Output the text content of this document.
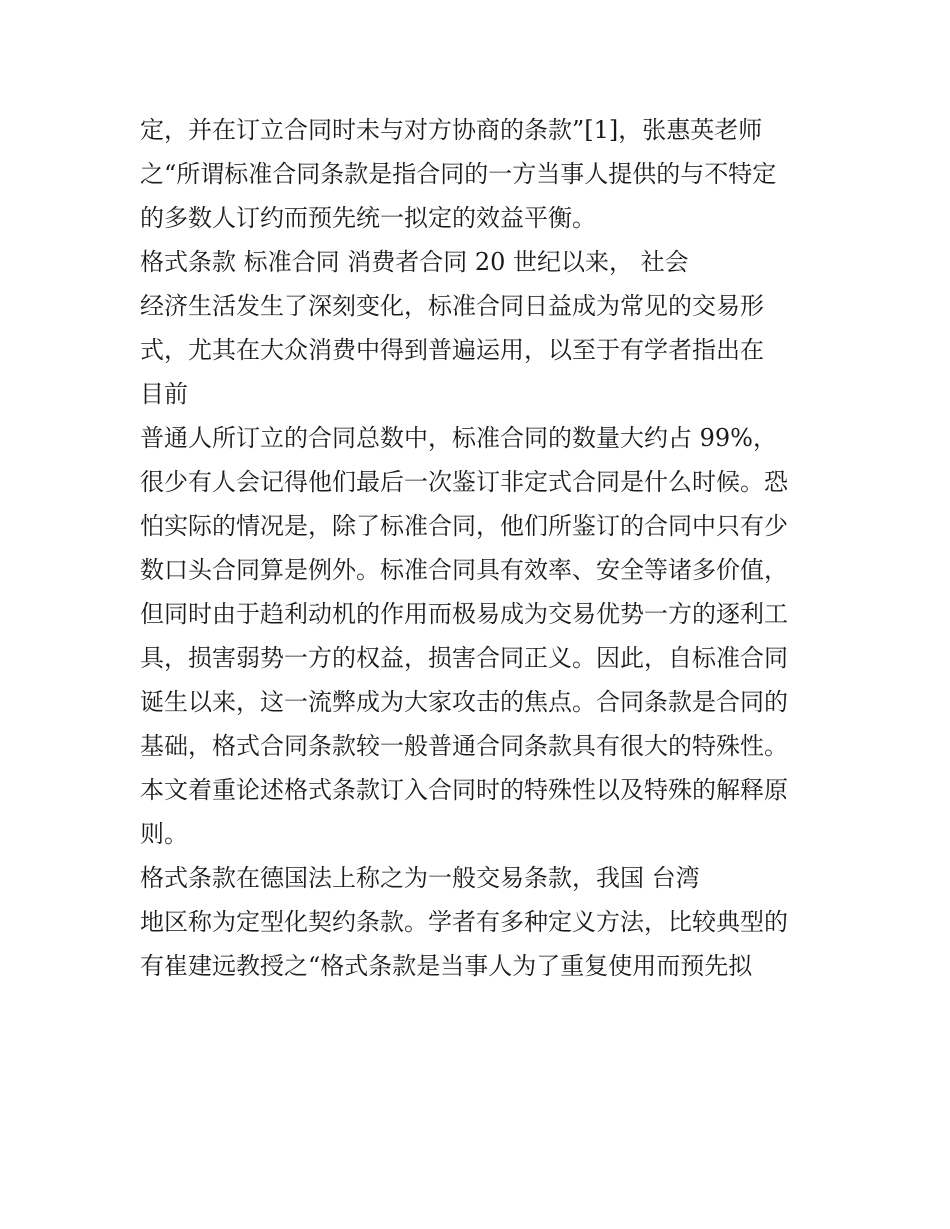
定，并在订立合同时未与对方协商的条款”[1]，张惠英老师
之“所谓标准合同条款是指合同的一方当事人提供的与不特定
的多数人订约而预先统一拟定的效益平衡。
格式条款 标准合同 消费者合同 20 世纪以来， 社会
经济生活发生了深刻变化，标准合同日益成为常见的交易形
式，尤其在大众消费中得到普遍运用，以至于有学者指出在
目前
普通人所订立的合同总数中，标准合同的数量大约占 99%，
很少有人会记得他们最后一次鉴订非定式合同是什么时候。恐
怕实际的情况是，除了标准合同，他们所鉴订的合同中只有少
数口头合同算是例外。标准合同具有效率、安全等诸多价值，
但同时由于趋利动机的作用而极易成为交易优势一方的逐利工
具，损害弱势一方的权益，损害合同正义。因此，自标准合同
诞生以来，这一流弊成为大家攻击的焦点。合同条款是合同的
基础，格式合同条款较一般普通合同条款具有很大的特殊性。
本文着重论述格式条款订入合同时的特殊性以及特殊的解释原
则。
格式条款在德国法上称之为一般交易条款，我国 台湾
地区称为定型化契约条款。学者有多种定义方法，比较典型的
有崔建远教授之“格式条款是当事人为了重复使用而预先拟
